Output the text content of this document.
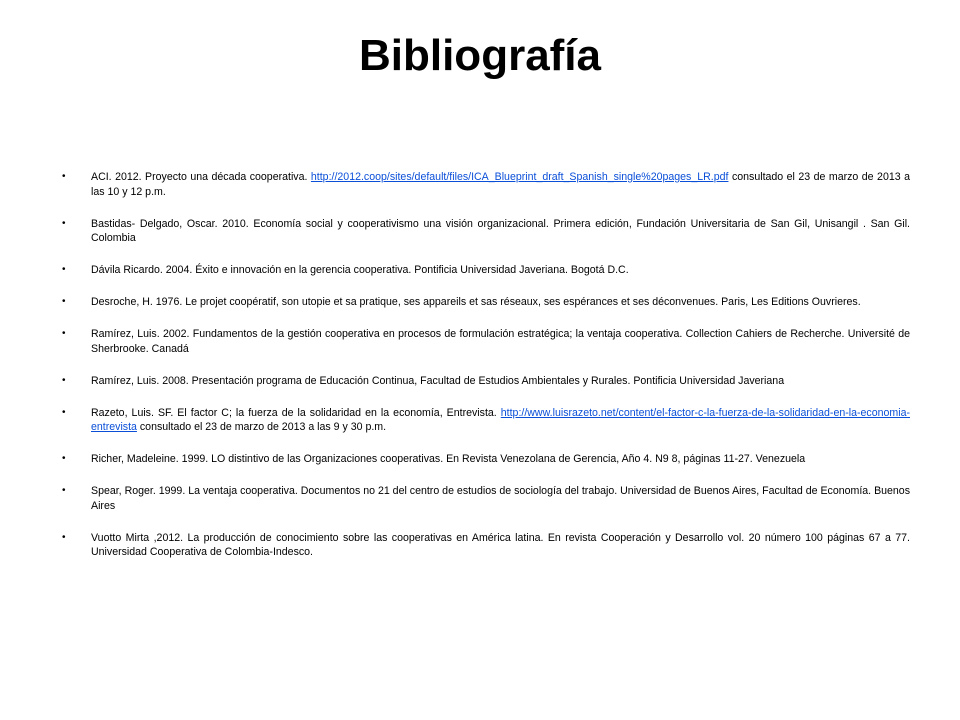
Bibliografía
• ACI. 2012. Proyecto una década cooperativa. http://2012.coop/sites/default/files/ICA_Blueprint_draft_Spanish_single%20pages_LR.pdf consultado el 23 de marzo de 2013 a las 10 y 12 p.m.
• Bastidas- Delgado, Oscar. 2010. Economía social y cooperativismo una visión organizacional. Primera edición, Fundación Universitaria de San Gil, Unisangil . San Gil. Colombia
• Dávila Ricardo. 2004. Éxito e innovación en la gerencia cooperativa. Pontificia Universidad Javeriana. Bogotá D.C.
• Desroche, H. 1976. Le projet coopératif, son utopie et sa pratique, ses appareils et sas réseaux, ses espérances et ses déconvenues. Paris, Les Editions Ouvrieres.
• Ramírez, Luis. 2002. Fundamentos de la gestión cooperativa en procesos de formulación estratégica; la ventaja cooperativa. Collection Cahiers de Recherche. Université de Sherbrooke. Canadá
• Ramírez, Luis. 2008. Presentación programa de Educación Continua, Facultad de Estudios Ambientales y Rurales. Pontificia Universidad Javeriana
• Razeto, Luis. SF. El factor C; la fuerza de la solidaridad en la economía, Entrevista. http://www.luisrazeto.net/content/el-factor-c-la-fuerza-de-la-solidaridad-en-la-economia-entrevista consultado el 23 de marzo de 2013 a las 9 y 30 p.m.
• Richer, Madeleine. 1999. LO distintivo de las Organizaciones cooperativas. En Revista Venezolana de Gerencia, Año 4. N9 8, páginas 11-27. Venezuela
• Spear, Roger. 1999. La ventaja cooperativa. Documentos no 21 del centro de estudios de sociología del trabajo. Universidad de Buenos Aires, Facultad de Economía. Buenos Aires
• Vuotto Mirta ,2012. La producción de conocimiento sobre las cooperativas en América latina. En revista Cooperación y Desarrollo vol. 20 número 100 páginas 67 a 77. Universidad Cooperativa de Colombia-Indesco.
